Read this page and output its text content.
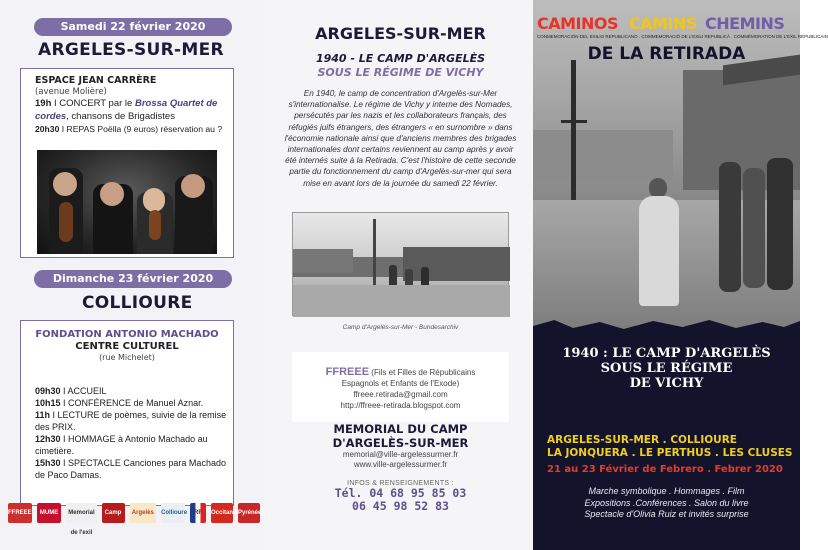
Samedi 22 février 2020
ARGELES-SUR-MER
ESPACE JEAN CARRÈRE
(avenue Molière)
19h I CONCERT par le Brossa Quartet de
cordes, chansons de Brigadistes
20h30 I REPAS Poëlla (9 euros) réservation au ?
Dimanche 23 février 2020
COLLIOURE
FONDATION ANTONIO MACHADO
CENTRE CULTUREL
(rue Michelet)
09h30 I ACCUEIL
10h15 I CONFÉRENCE de Manuel Aznar.
11h I LECTURE de poèmes, suivie de la remise des PRIX.
12h30 I HOMMAGE à Antonio Machado au cimetière.
15h30 I SPECTACLE Canciones para Machado de Paco Damas.
FFREEE	MUME	Memorial de l'exil
Camp	Argelès	Collioure	RF	Occitanie Pyrénées
ARGELES-SUR-MER
1940 - LE CAMP D'ARGELÈS
SOUS LE RÉGIME DE VICHY
En 1940, le camp de concentration d'Argelès-sur-Mer s'internationalise. Le régime de Vichy y interne des Nomades, persécutés par les nazis et les collaborateurs français, des réfugiés juifs étrangers, des étrangers « en surnombre » dans l'économie nationale ainsi que d'anciens membres des brigades internationales dont certains reviennent au camp après y avoir été internés suite à la Retirada. C'est l'histoire de cette seconde partie du fonctionnement du camp d'Argelès-sur-mer qui sera mise en avant lors de la journée du samedi 22 février.
Camp d'Argelès-sur-Mer - Bundesarchiv
FFREEE (Fils et Filles de Républicains
Espagnols et Enfants de l'Exode)
ffreee.retirada@gmail.com
http://ffreee-retirada.blogspot.com
MEMORIAL DU CAMP
D'ARGELÈS-SUR-MER
memorial@ville-argelessurmer.fr
www.ville-argelessurmer.fr
INFOS & RENSEIGNEMENTS :
Tél. 04 68 95 85 03
06 45 98 52 83
CAMINOS CAMINS CHEMINS
CONMEMORACIÓN DEL EXILIO REPUBLICANO . COMMEMORACIÓ DE L'EXILI REPUBLICÀ . COMMÉMORATION DE L'EXIL RÉPUBLICAIN
DE LA RETIRADA
1940 : LE CAMP D'ARGELÈS
SOUS LE RÉGIME
DE VICHY
ARGELES-SUR-MER . COLLIOURE
LA JONQUERA . LE PERTHUS . LES CLUSES
21 au 23 Février de Febrero . Febrer 2020
Marche symbolique . Hommages . Film
Expositions .Conférences . Salon du livre
Spectacle d'Olivia Ruiz et invités surprise
